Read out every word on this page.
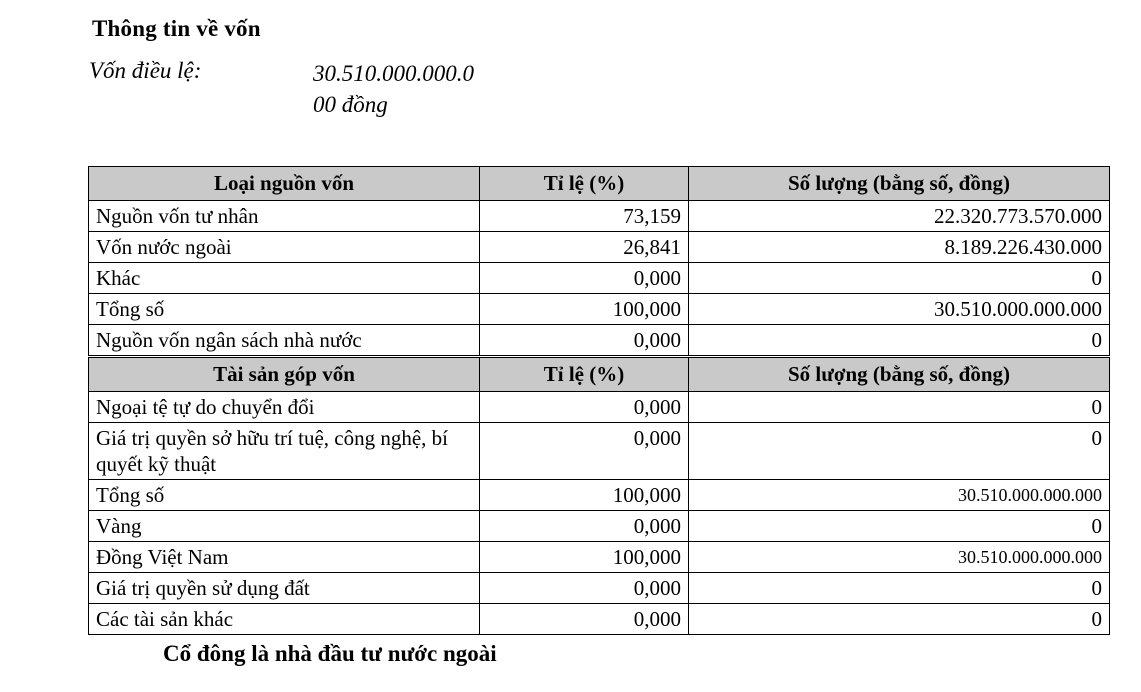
Thông tin về vốn
Vốn điều lệ:	30.510.000.000.0
00 đồng
Loại nguồn vốn	Tỉ lệ (%)	Số lượng (bằng số, đồng)
Nguồn vốn tư nhân	73,159	22.320.773.570.000
Vốn nước ngoài	26,841	8.189.226.430.000
Khác	0,000	0
Tổng số	100,000	30.510.000.000.000
Nguồn vốn ngân sách nhà nước	0,000	0
Tài sản góp vốn	Tỉ lệ (%)	Số lượng (bằng số, đồng)
Ngoại tệ tự do chuyển đổi	0,000	0
Giá trị quyền sở hữu trí tuệ, công nghệ, bí quyết kỹ thuật	0,000	0
Tổng số	100,000	30.510.000.000.000
Vàng	0,000	0
Đồng Việt Nam	100,000	30.510.000.000.000
Giá trị quyền sử dụng đất	0,000	0
Các tài sản khác	0,000	0
Cổ đông là nhà đầu tư nước ngoài
